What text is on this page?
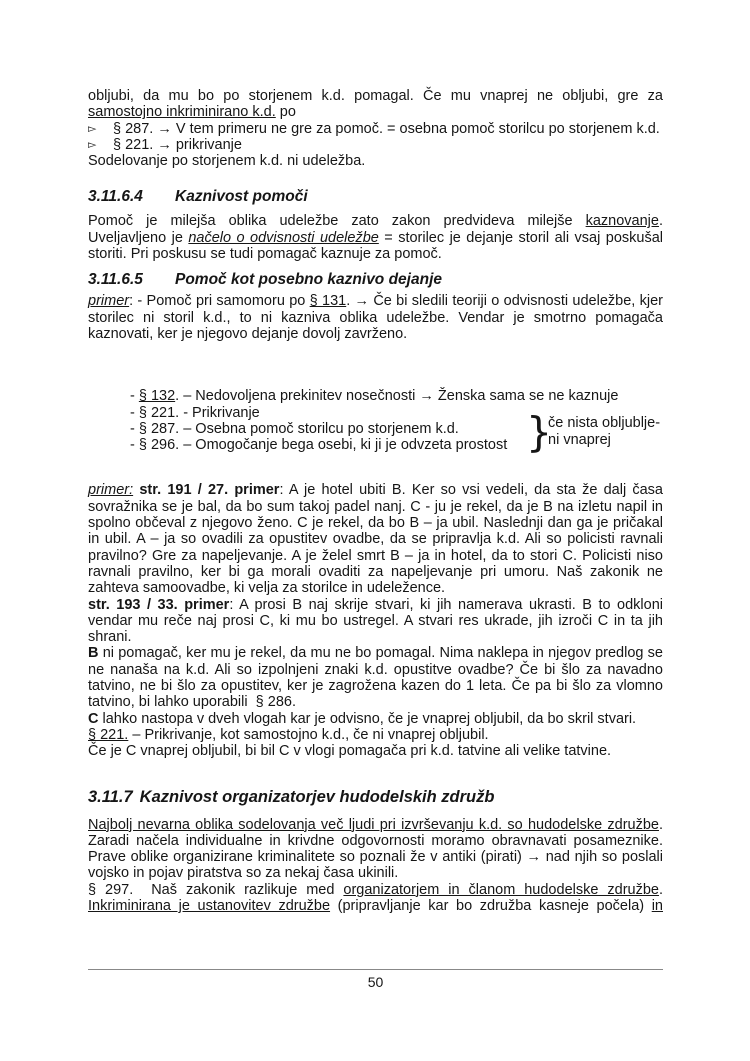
obljubi, da mu bo po storjenem k.d. pomagal. Če mu vnaprej ne obljubi, gre za samostojno inkriminirano k.d. po

▻	§ 287. → V tem primeru ne gre za pomoč. = osebna pomoč storilcu po storjenem k.d.
▻	§ 221. → prikrivanje

Sodelovanje po storjenem k.d. ni udeležba.

3.11.6.4 Kaznivost pomoči

Pomoč je milejša oblika udeležbe zato zakon predvideva milejše kaznovanje. Uveljavljeno je načelo o odvisnosti udeležbe = storilec je dejanje storil ali vsaj poskušal storiti. Pri poskusu se tudi pomagač kaznuje za pomoč.

3.11.6.5 Pomoč kot posebno kaznivo dejanje

primer: - Pomoč pri samomoru po § 131. → Če bi sledili teoriji o odvisnosti udeležbe, kjer storilec ni storil k.d., to ni kazniva oblika udeležbe. Vendar je smotrno pomagača kaznovati, ker je njegovo dejanje dovolj zavrženo.

- § 132. – Nedovoljena prekinitev nosečnosti → Ženska sama se ne kaznuje
- § 221. - Prikrivanje
- § 287. – Osebna pomoč storilcu po storjenem k.d.
- § 296. – Omogočanje bega osebi, ki ji je odvzeta prostost }
če nista obljublje-
ni vnaprej

primer: str. 191 / 27. primer: A je hotel ubiti B. Ker so vsi vedeli, da sta že dalj časa sovražnika se je bal, da bo sum takoj padel nanj. C - ju je rekel, da je B na izletu napil in spolno občeval z njegovo ženo. C je rekel, da bo B – ja ubil. Naslednji dan ga je pričakal in ubil. A – ja so ovadili za opustitev ovadbe, da se pripravlja k.d. Ali so policisti ravnali pravilno? Gre za napeljevanje. A je želel smrt B – ja in hotel, da to stori C. Policisti niso ravnali pravilno, ker bi ga morali ovaditi za napeljevanje pri umoru. Naš zakonik ne zahteva samoovadbe, ki velja za storilce in udeležence.

str. 193 / 33. primer: A prosi B naj skrije stvari, ki jih namerava ukrasti. B to odkloni vendar mu reče naj prosi C, ki mu bo ustregel. A stvari res ukrade, jih izroči C in ta jih shrani.

B ni pomagač, ker mu je rekel, da mu ne bo pomagal. Nima naklepa in njegov predlog se ne nanaša na k.d. Ali so izpolnjeni znaki k.d. opustitve ovadbe? Če bi šlo za navadno tatvino, ne bi šlo za opustitev, ker je zagrožena kazen do 1 leta. Če pa bi šlo za vlomno tatvino, bi lahko uporabili  § 286.

C lahko nastopa v dveh vlogah kar je odvisno, če je vnaprej obljubil, da bo skril stvari.

§ 221. – Prikrivanje, kot samostojno k.d., če ni vnaprej obljubil.

Če je C vnaprej obljubil, bi bil C v vlogi pomagača pri k.d. tatvine ali velike tatvine.

3.11.7 Kaznivost organizatorjev hudodelskih združb

Najbolj nevarna oblika sodelovanja več ljudi pri izvrševanju k.d. so hudodelske združbe. Zaradi načela individualne in krivdne odgovornosti moramo obravnavati posameznike. Prave oblike organizirane kriminalitete so poznali že v antiki (pirati) → nad njih so poslali vojsko in pojav piratstva so za nekaj časa ukinili.

§ 297.  Naš zakonik razlikuje med organizatorjem in članom hudodelske združbe. Inkriminirana je ustanovitev združbe (pripravljanje kar bo združba kasneje počela) in

50
